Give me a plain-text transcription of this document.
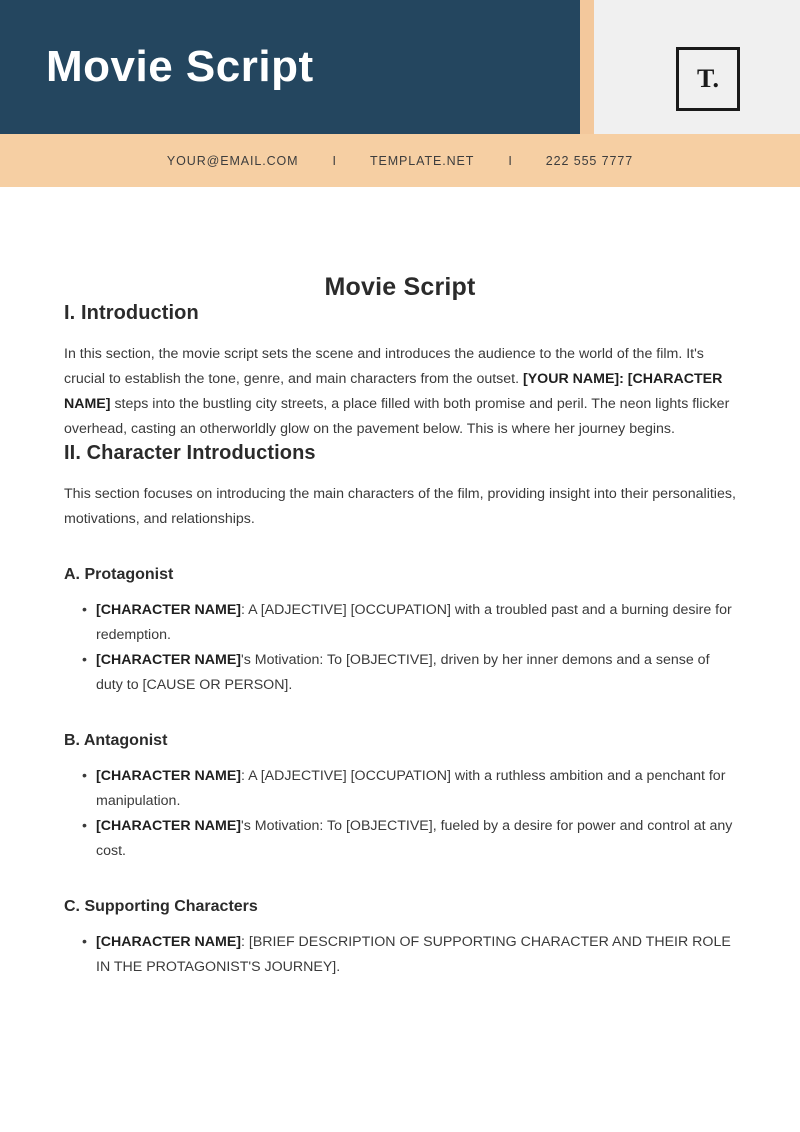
Movie Script	T.
YOUR@EMAIL.COM	I	TEMPLATE.NET	I	222 555 7777
Movie Script
I. Introduction

In this section, the movie script sets the scene and introduces the audience to the world of the film. It's crucial to establish the tone, genre, and main characters from the outset. [YOUR NAME]: [CHARACTER NAME] steps into the bustling city streets, a place filled with both promise and peril. The neon lights flicker overhead, casting an otherworldly glow on the pavement below. This is where her journey begins.

II. Character Introductions

This section focuses on introducing the main characters of the film, providing insight into their personalities, motivations, and relationships.

A. Protagonist
• [CHARACTER NAME]: A [ADJECTIVE] [OCCUPATION] with a troubled past and a burning desire for redemption.
• [CHARACTER NAME]'s Motivation: To [OBJECTIVE], driven by her inner demons and a sense of duty to [CAUSE OR PERSON].
B. Antagonist
• [CHARACTER NAME]: A [ADJECTIVE] [OCCUPATION] with a ruthless ambition and a penchant for manipulation.
• [CHARACTER NAME]'s Motivation: To [OBJECTIVE], fueled by a desire for power and control at any cost.
C. Supporting Characters
• [CHARACTER NAME]: [BRIEF DESCRIPTION OF SUPPORTING CHARACTER AND THEIR ROLE IN THE PROTAGONIST'S JOURNEY].
